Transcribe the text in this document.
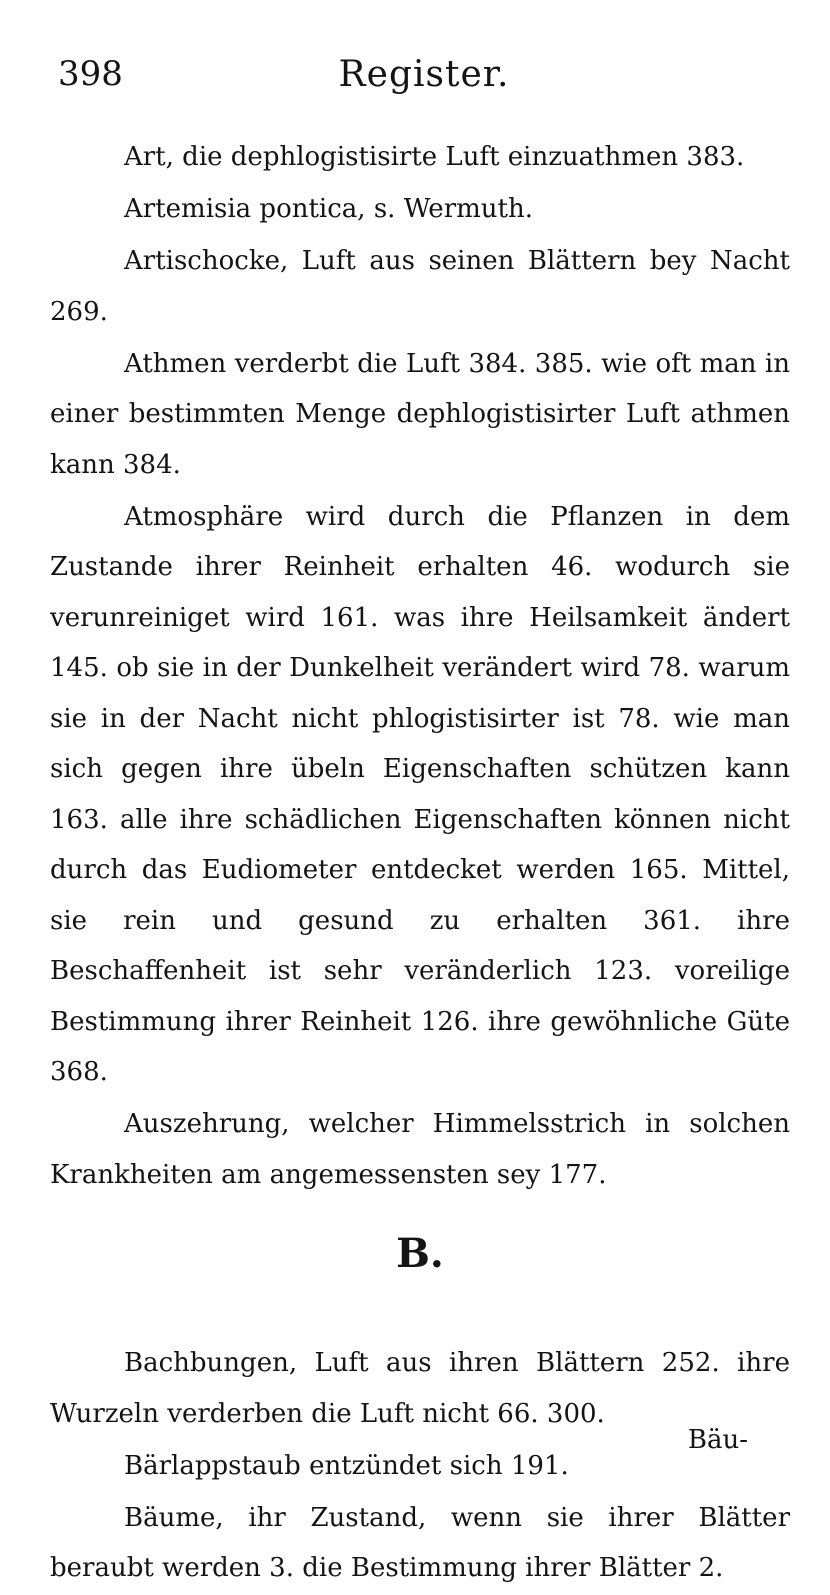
398	Register.

Art, die dephlogistisirte Luft einzuathmen 383.

Artemisia pontica, s. Wermuth.

Artischocke, Luft aus seinen Blättern bey Nacht 269.

Athmen verderbt die Luft 384. 385. wie oft man in einer bestimmten Menge dephlogistisirter Luft athmen kann 384.

Atmosphäre wird durch die Pflanzen in dem Zustande ihrer Reinheit erhalten 46. wodurch sie verunreiniget wird 161. was ihre Heilsamkeit ändert 145. ob sie in der Dunkelheit verändert wird 78. warum sie in der Nacht nicht phlogistisirter ist 78. wie man sich gegen ihre übeln Eigenschaften schützen kann 163. alle ihre schädlichen Eigenschaften können nicht durch das Eudiometer entdecket werden 165. Mittel, sie rein und gesund zu erhalten 361. ihre Beschaffenheit ist sehr veränderlich 123. voreilige Bestimmung ihrer Reinheit 126. ihre gewöhnliche Güte 368.

Auszehrung, welcher Himmelsstrich in solchen Krankheiten am angemessensten sey 177.

B.

Bachbungen, Luft aus ihren Blättern 252. ihre Wurzeln verderben die Luft nicht 66. 300.

Bärlappstaub entzündet sich 191.

Bäume, ihr Zustand, wenn sie ihrer Blätter beraubt werden 3. die Bestimmung ihrer Blätter 2.

Bäu-
